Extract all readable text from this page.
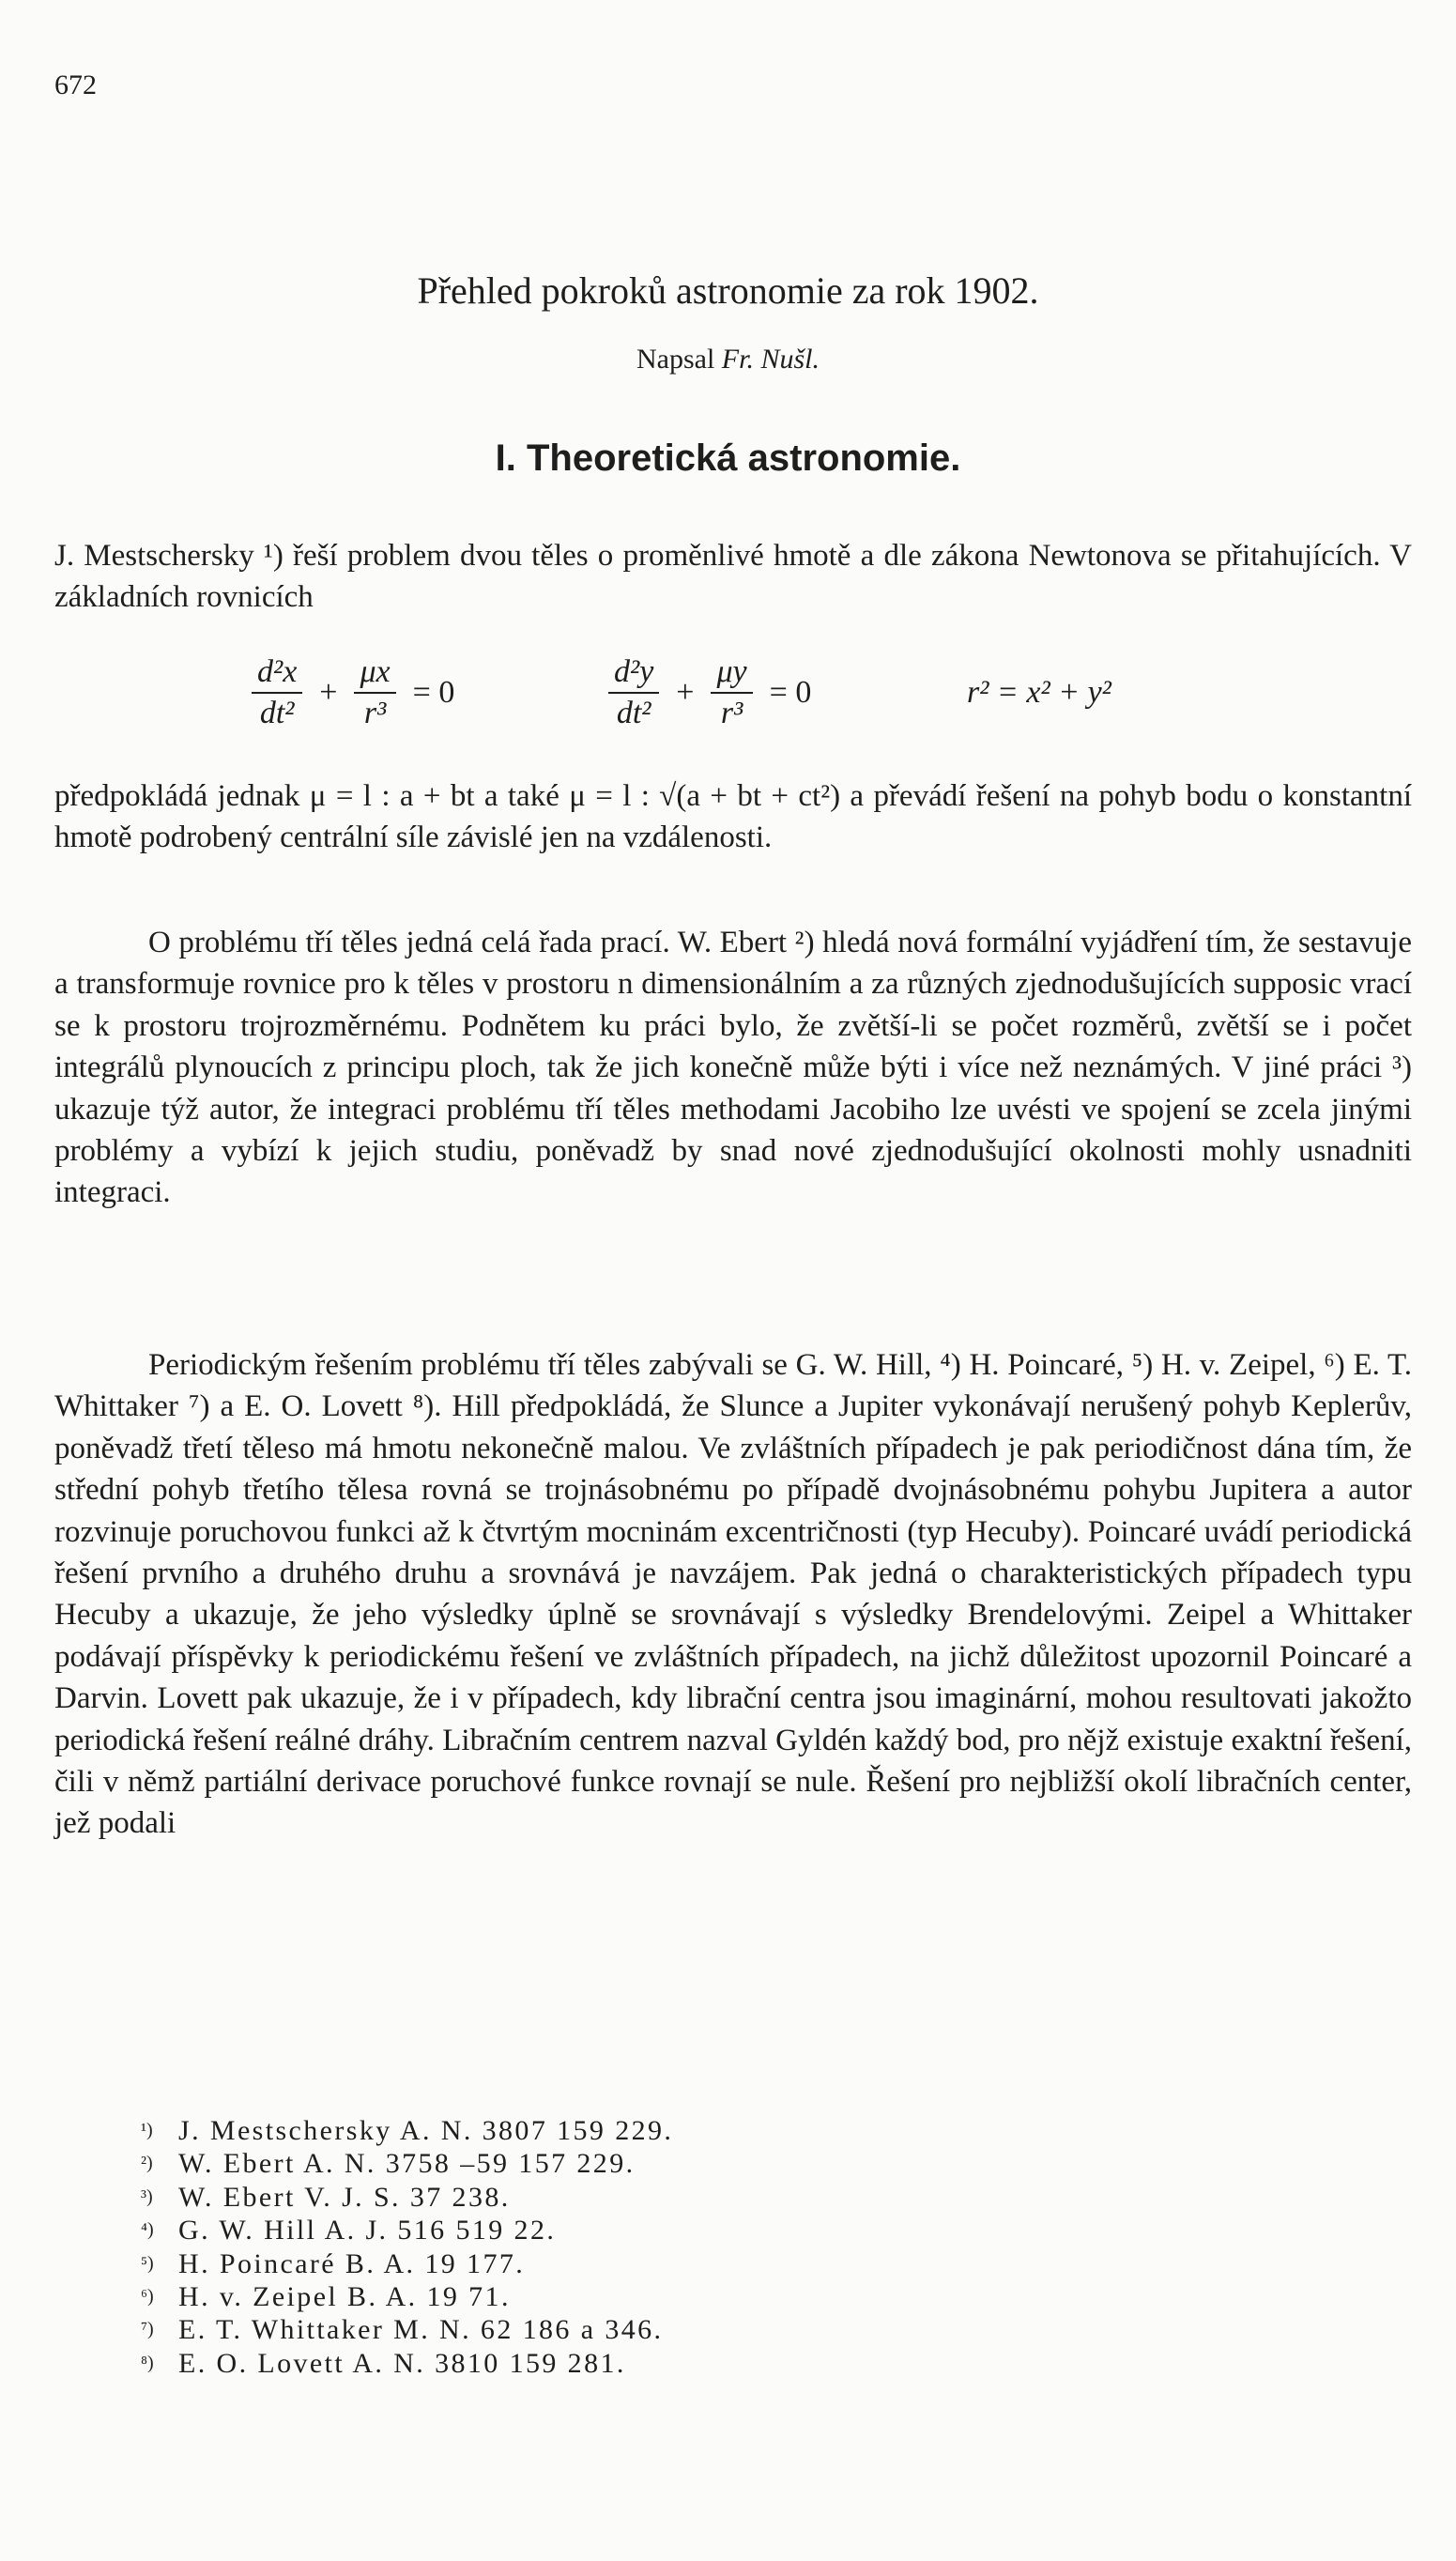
672
Přehled pokroků astronomie za rok 1902.
Napsal Fr. Nušl.
I. Theoretická astronomie.

J. Mestschersky ¹) řeší problem dvou těles o proměnlivé hmotě a dle zákona Newtonova se přitahujících. V základních rovnicích

$\frac{\text{d²x}}{\text{dt²}} + \frac{\mu x}{\text{r³}} = 0$	$\frac{\text{d²y}}{\text{dt²}} + \frac{\mu y}{\text{r³}} = 0$	r² = x² + y²

předpokládá jednak μ = l : a + bt a také μ = l : √(a + bt + ct²) a převádí řešení na pohyb bodu o konstantní hmotě podrobený centrální síle závislé jen na vzdálenosti.

O problému tří těles jedná celá řada prací. W. Ebert ²) hledá nová formální vyjádření tím, že sestavuje a transformuje rovnice pro k těles v prostoru n dimensionálním a za různých zjednodušujících supposic vrací se k prostoru trojrozměrnému. Podnětem ku práci bylo, že zvětší-li se počet rozměrů, zvětší se i počet integrálů plynoucích z principu ploch, tak že jich konečně může býti i více než neznámých. V jiné práci ³) ukazuje týž autor, že integraci problému tří těles methodami Jacobiho lze uvésti ve spojení se zcela jinými problémy a vybízí k jejich studiu, poněvadž by snad nové zjednodušující okolnosti mohly usnadniti integraci.

Periodickým řešením problému tří těles zabývali se G. W. Hill, ⁴) H. Poincaré, ⁵) H. v. Zeipel, ⁶) E. T. Whittaker ⁷) a E. O. Lovett ⁸). Hill předpokládá, že Slunce a Jupiter vykonávají nerušený pohyb Keplerův, poněvadž třetí těleso má hmotu nekonečně malou. Ve zvláštních případech je pak periodičnost dána tím, že střední pohyb třetího tělesa rovná se trojnásobnému po případě dvojnásobnému pohybu Jupitera a autor rozvinuje poruchovou funkci až k čtvrtým mocninám excentričnosti (typ Hecuby). Poincaré uvádí periodická řešení prvního a druhého druhu a srovnává je navzájem. Pak jedná o charakteristických případech typu Hecuby a ukazuje, že jeho výsledky úplně se srovnávají s výsledky Brendelovými. Zeipel a Whittaker podávají příspěvky k periodickému řešení ve zvláštních případech, na jichž důležitost upozornil Poincaré a Darvin. Lovett pak ukazuje, že i v případech, kdy librační centra jsou imaginární, mohou resultovati jakožto periodická řešení reálné dráhy. Libračním centrem nazval Gyldén každý bod, pro nějž existuje exaktní řešení, čili v němž partiální derivace poruchové funkce rovnají se nule. Řešení pro nejbližší okolí libračních center, jež podali

¹) J. Mestschersky A. N. 3807 159 229.
²) W. Ebert A. N. 3758 –59 157 229.
³) W. Ebert V. J. S. 37 238.
⁴) G. W. Hill A. J. 516 519 22.
⁵) H. Poincaré B. A. 19 177.
⁶) H. v. Zeipel B. A. 19 71.
⁷) E. T. Whittaker M. N. 62 186 a 346.
⁸) E. O. Lovett A. N. 3810 159 281.
